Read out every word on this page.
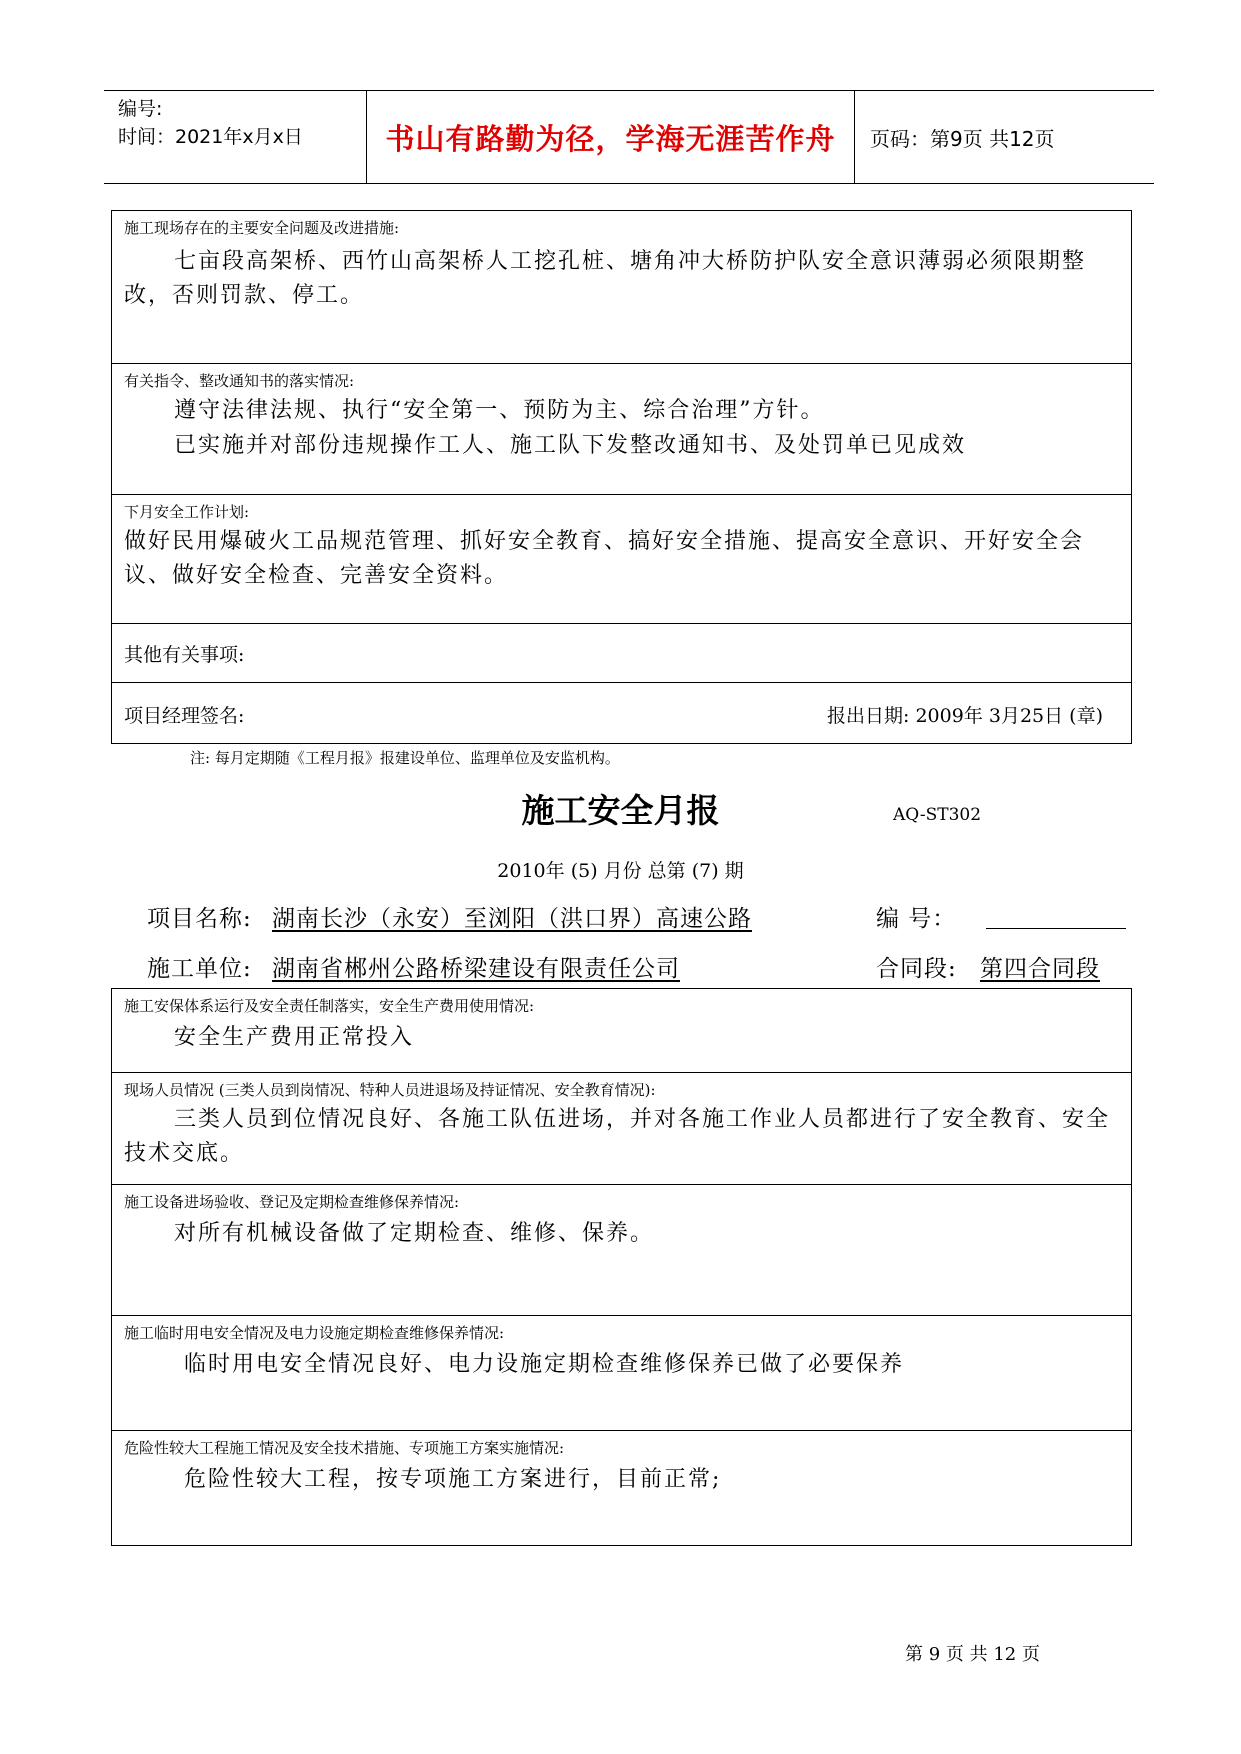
编号:
时间：2021年x月x日	书山有路勤为径，学海无涯苦作舟	页码：第9页 共12页
施工现场存在的主要安全问题及改进措施:
七亩段高架桥、西竹山高架桥人工挖孔桩、塘角冲大桥防护队安全意识薄弱必须限期整改，否则罚款、停工。
有关指令、整改通知书的落实情况:
遵守法律法规、执行“安全第一、预防为主、综合治理”方针。
已实施并对部份违规操作工人、施工队下发整改通知书、及处罚单已见成效
下月安全工作计划:
做好民用爆破火工品规范管理、抓好安全教育、搞好安全措施、提高安全意识、开好安全会议、做好安全检查、完善安全资料。
其他有关事项:
项目经理签名:	报出日期: 2009年 3月25日 (章)
注: 每月定期随《工程月报》报建设单位、监理单位及安监机构。
施工安全月报	AQ-ST302
2010年 (5) 月份 总第 (7) 期
项目名称: 湖南长沙（永安）至浏阳（洪口界）高速公路	编 号：
施工单位: 湖南省郴州公路桥梁建设有限责任公司	合同段: 第四合同段
施工安保体系运行及安全责任制落实，安全生产费用使用情况:
安全生产费用正常投入
现场人员情况 (三类人员到岗情况、特种人员进退场及持证情况、安全教育情况):
三类人员到位情况良好、各施工队伍进场，并对各施工作业人员都进行了安全教育、安全技术交底。
施工设备进场验收、登记及定期检查维修保养情况:
对所有机械设备做了定期检查、维修、保养。
施工临时用电安全情况及电力设施定期检查维修保养情况:
临时用电安全情况良好、电力设施定期检查维修保养已做了必要保养
危险性较大工程施工情况及安全技术措施、专项施工方案实施情况:
危险性较大工程，按专项施工方案进行，目前正常;
第 9 页 共 12 页
